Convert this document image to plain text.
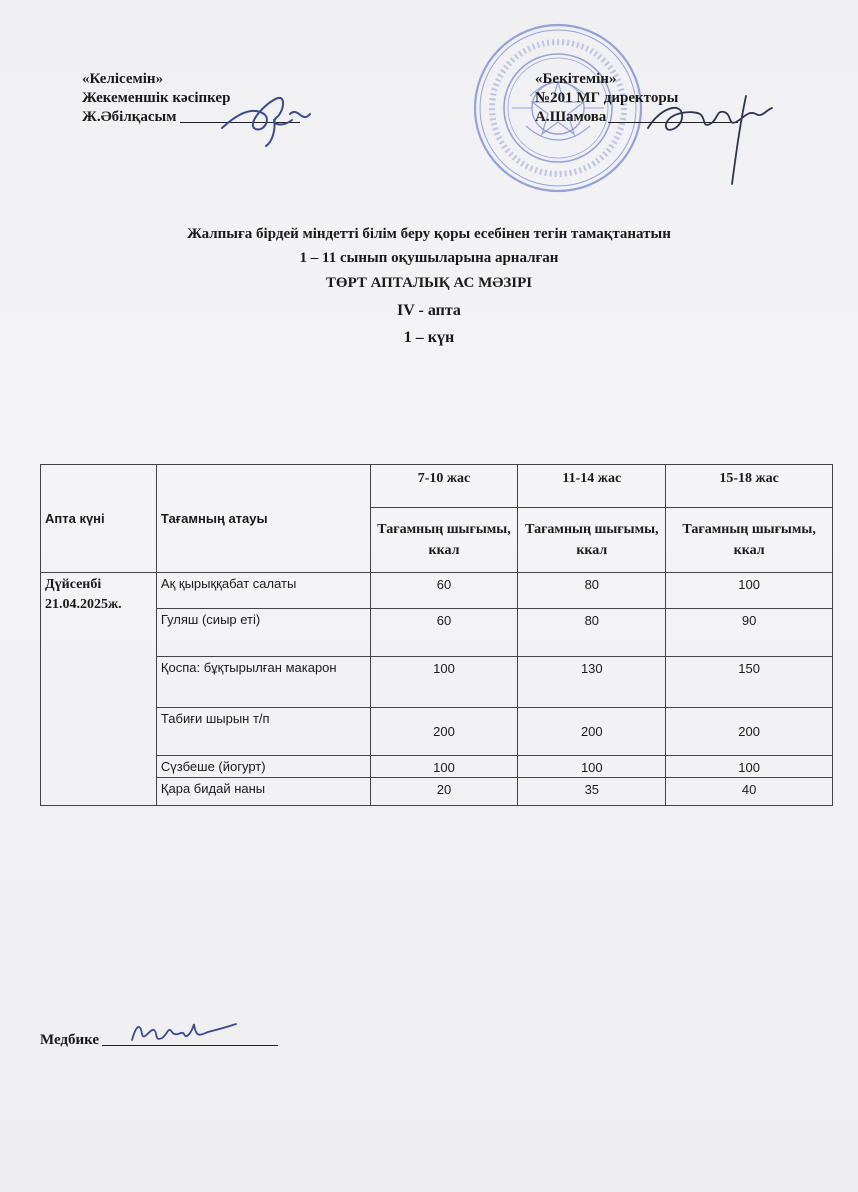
«Келісемін»
Жекеменшік кәсіпкер
Ж.Әбілқасым
«Бекітемін»
№201 МГ директоры
А.Шамова
Жалпыға бірдей міндетті білім беру қоры есебінен тегін тамақтанатын
1 – 11 сынып оқушыларына арналған
ТӨРТ АПТАЛЫҚ АС МӘЗІРІ
IV - апта
1 – күн
Апта күні	Тағамның атауы	7-10 жас	11-14 жас	15-18 жас
		Тағамның шығымы, ккал	Тағамның шығымы, ккал	Тағамның шығымы, ккал

Дүйсенбі
21.04.2025ж.	Ақ қырыққабат салаты	60	80	100
	Гуляш (сиыр еті)	60	80	90
	Қоспа: бұқтырылған макарон	100	130	150
	Табиғи шырын т/п	200	200	200
	Сүзбеше (йогурт)	100	100	100
	Қара бидай наны	20	35	40
Медбике
